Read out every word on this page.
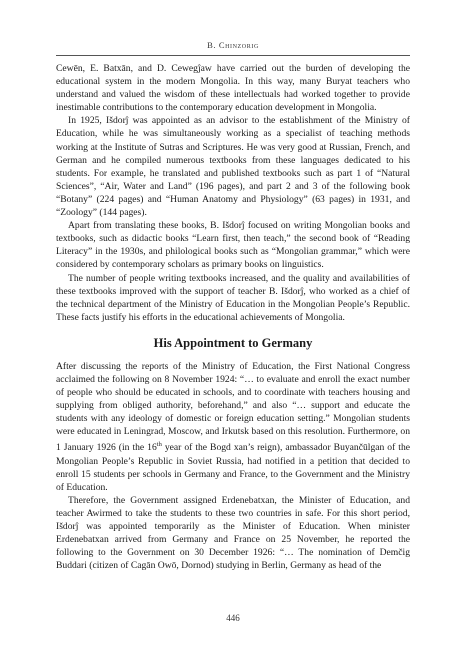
B. Chinzorig

Cewēn, E. Batxān, and D. Cewegĵaw have carried out the burden of developing the educational system in the modern Mongolia. In this way, many Buryat teachers who understand and valued the wisdom of these intellectuals had worked together to provide inestimable contributions to the contemporary education development in Mongolia.

In 1925, Išdorĵ was appointed as an advisor to the establishment of the Ministry of Education, while he was simultaneously working as a specialist of teaching methods working at the Institute of Sutras and Scriptures. He was very good at Russian, French, and German and he compiled numerous textbooks from these languages dedicated to his students. For example, he translated and published textbooks such as part 1 of “Natural Sciences”, “Air, Water and Land” (196 pages), and part 2 and 3 of the following book “Botany” (224 pages) and “Human Anatomy and Physiology” (63 pages) in 1931, and “Zoology” (144 pages).

Apart from translating these books, B. Išdorĵ focused on writing Mongolian books and textbooks, such as didactic books “Learn first, then teach,” the second book of “Reading Literacy” in the 1930s, and philological books such as “Mongolian grammar,” which were considered by contemporary scholars as primary books on linguistics.

The number of people writing textbooks increased, and the quality and availabilities of these textbooks improved with the support of teacher B. Išdorĵ, who worked as a chief of the technical department of the Ministry of Education in the Mongolian People’s Republic. These facts justify his efforts in the educational achievements of Mongolia.

His Appointment to Germany

After discussing the reports of the Ministry of Education, the First National Congress acclaimed the following on 8 November 1924: “… to evaluate and enroll the exact number of people who should be educated in schools, and to coordinate with teachers housing and supplying from obliged authority, beforehand,” and also “… support and educate the students with any ideology of domestic or foreign education setting.” Mongolian students were educated in Leningrad, Moscow, and Irkutsk based on this resolution. Furthermore, on 1 January 1926 (in the 16th year of the Bogd xan’s reign), ambassador Buyančūlgan of the Mongolian People’s Republic in Soviet Russia, had notified in a petition that decided to enroll 15 students per schools in Germany and France, to the Government and the Ministry of Education.

Therefore, the Government assigned Erdenebatxan, the Minister of Education, and teacher Awirmed to take the students to these two countries in safe. For this short period, Išdorĵ was appointed temporarily as the Minister of Education. When minister Erdenebatxan arrived from Germany and France on 25 November, he reported the following to the Government on 30 December 1926: “… The nomination of Demčig Buddari (citizen of Cagān Owō, Dornod) studying in Berlin, Germany as head of the

446
